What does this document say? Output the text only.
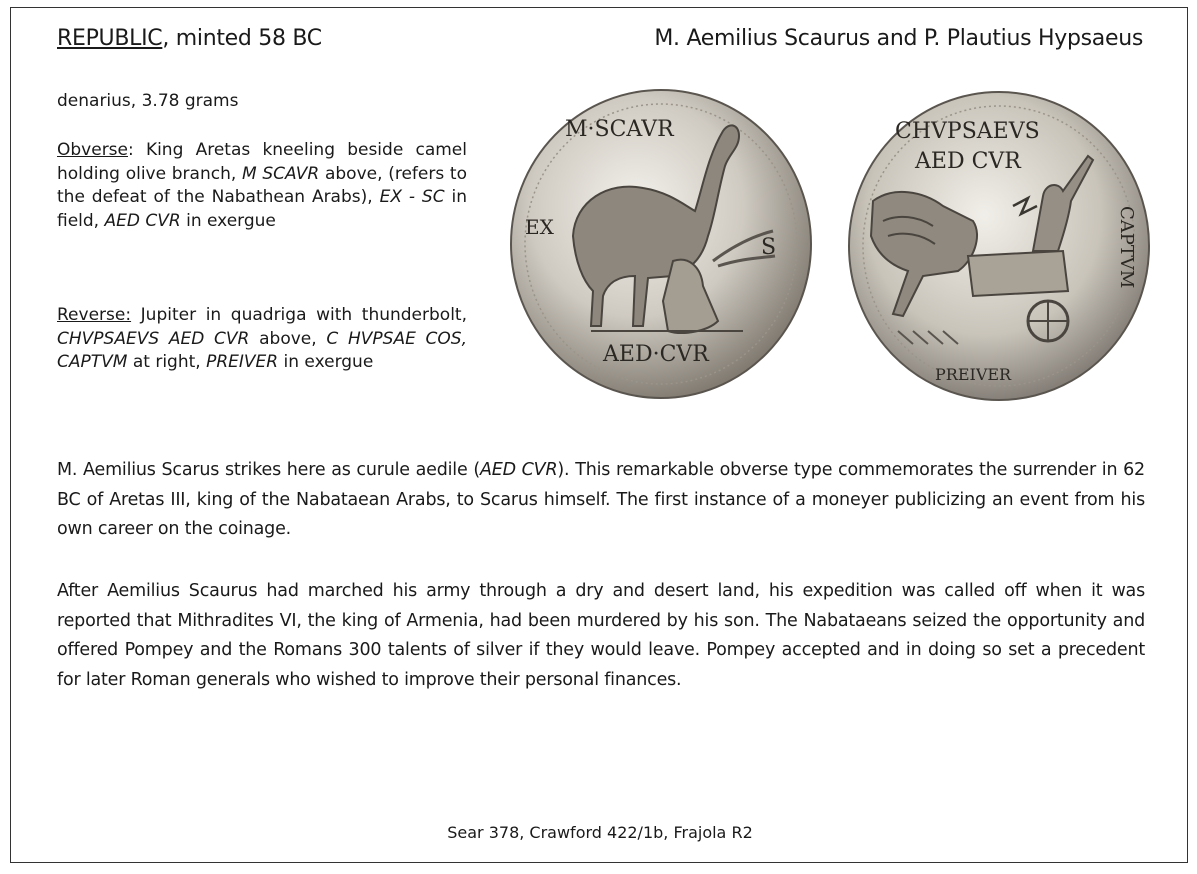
REPUBLIC, minted 58 BC	M. Aemilius Scaurus and P. Plautius Hypsaeus
denarius, 3.78 grams
Obverse: King Aretas kneeling beside camel holding olive branch, M SCAVR above, (refers to the defeat of the Nabathean Arabs), EX - SC in field, AED CVR in exergue
Reverse: Jupiter in quadriga with thunderbolt, CHVPSAEVS AED CVR above, C HVPSAE COS, CAPTVM at right, PREIVER in exergue
M·SCAVR
EX
S
AED·CVR
CHVPSAEVS
AED CVR
CAPTVM
PREIVER
M. Aemilius Scarus strikes here as curule aedile (AED CVR). This remarkable obverse type commemorates the surrender in 62 BC of Aretas III, king of the Nabataean Arabs, to Scarus himself. The first instance of a moneyer publicizing an event from his own career on the coinage.
After Aemilius Scaurus had marched his army through a dry and desert land, his expedition was called off when it was reported that Mithradites VI, the king of Armenia, had been murdered by his son. The Nabataeans seized the opportunity and offered Pompey and the Romans 300 talents of silver if they would leave. Pompey accepted and in doing so set a precedent for later Roman generals who wished to improve their personal finances.
Sear 378, Crawford 422/1b, Frajola R2
